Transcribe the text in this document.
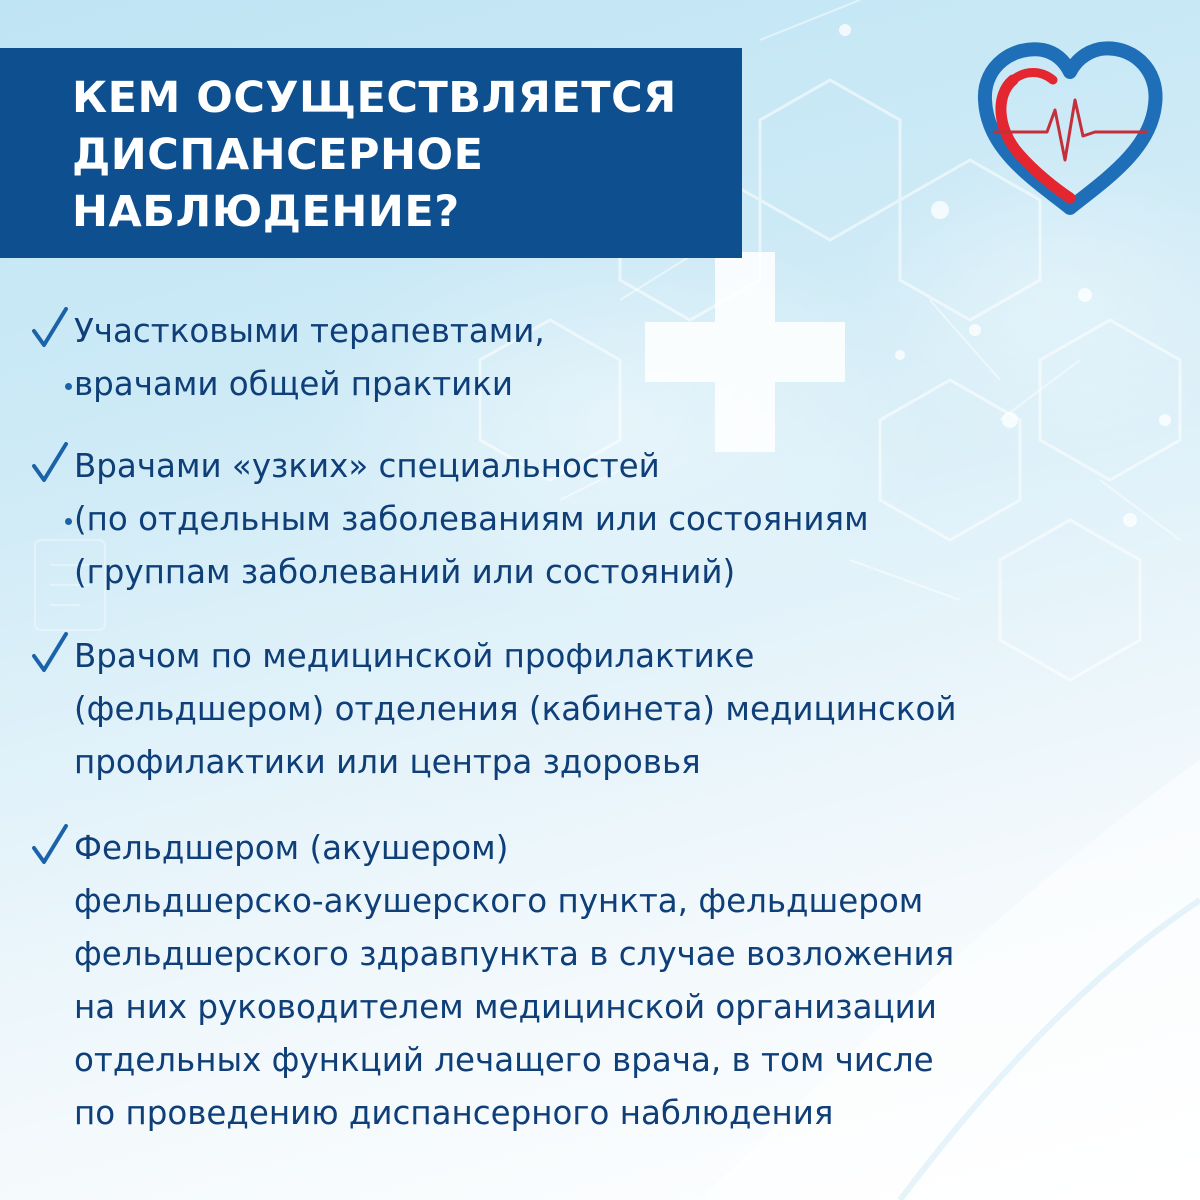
КЕМ ОСУЩЕСТВЛЯЕТСЯ
ДИСПАНСЕРНОЕ
НАБЛЮДЕНИЕ?

Участковыми терапевтами,
врачами общей практики

Врачами «узких» специальностей
(по отдельным заболеваниям или состояниям
(группам заболеваний или состояний)

Врачом по медицинской профилактике
(фельдшером) отделения (кабинета) медицинской
профилактики или центра здоровья

Фельдшером (акушером)
фельдшерско-акушерского пункта, фельдшером
фельдшерского здравпункта в случае возложения
на них руководителем медицинской организации
отдельных функций лечащего врача, в том числе
по проведению диспансерного наблюдения
